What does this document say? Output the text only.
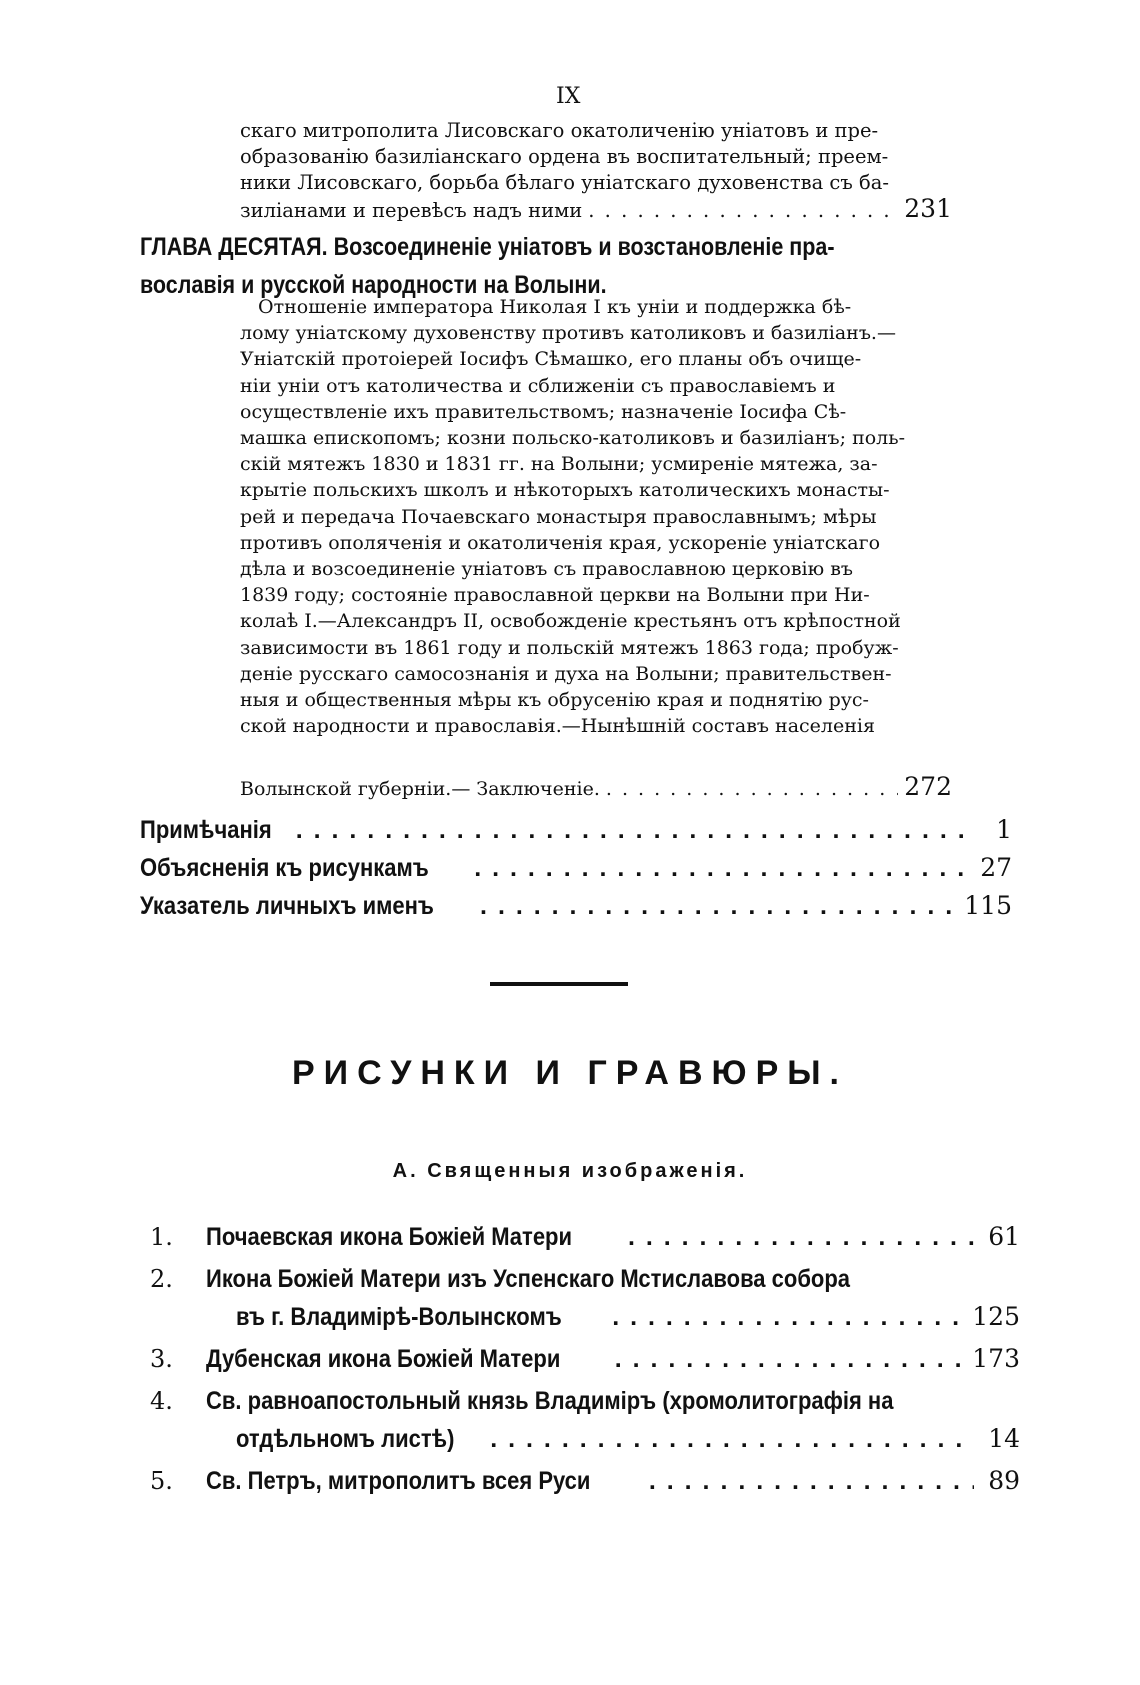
IX
скаго митрополита Лисовскаго окатоличенію уніатовъ и пре-
образованію базиліанскаго ордена въ воспитательный; преем-
ники Лисовскаго, борьба бѣлаго уніатскаго духовенства съ ба-
зиліанами и перевѣсъ надъ ними . . .	231
ГЛАВА ДЕСЯТАЯ. Возсоединеніе уніатовъ и возстановленіе пра-
вославія и русской народности на Волыни.
Отношеніе императора Николая I къ уніи и поддержка бѣ-
лому уніатскому духовенству противъ католиковъ и базиліанъ.—
Уніатскій протоіерей Іосифъ Сѣмашко, его планы объ очище-
ніи уніи отъ католичества и сближеніи съ православіемъ и
осуществленіе ихъ правительствомъ; назначеніе Іосифа Сѣ-
машка епископомъ; козни польско-католиковъ и базиліанъ; поль-
скій мятежъ 1830 и 1831 гг. на Волыни; усмиреніе мятежа, за-
крытіе польскихъ школъ и нѣкоторыхъ католическихъ монасты-
рей и передача Почаевскаго монастыря православнымъ; мѣры
противъ ополяченія и окатоличенія края, ускореніе уніатскаго
дѣла и возсоединеніе уніатовъ съ православною церковію въ
1839 году; состояніе православной церкви на Волыни при Ни-
колаѣ I.—Александръ II, освобожденіе крестьянъ отъ крѣпостной
зависимости въ 1861 году и польскій мятежъ 1863 года; пробуж-
деніе русскаго самосознанія и духа на Волыни; правительствен-
ныя и общественныя мѣры къ обрусенію края и поднятію рус-
ской народности и православія.—Нынѣшній составъ населенія
Волынской губерніи.— Заключеніе. . . .	272
Примѣчанія . . .	1
Объясненія къ рисункамъ . . .	27
Указатель личныхъ именъ . . .	115
РИСУНКИ И ГРАВЮРЫ.
А. Священныя изображенія.
1.	Почаевская икона Божіей Матери . . .	61
2.	Икона Божіей Матери изъ Успенскаго Мстиславова собора
въ г. Владимірѣ-Волынскомъ . . .	125
3.	Дубенская икона Божіей Матери . . .	173
4.	Св. равноапостольный князь Владиміръ (хромолитографія на
отдѣльномъ листѣ) . . .	14
5.	Св. Петръ, митрополитъ всея Руси . . .	89
